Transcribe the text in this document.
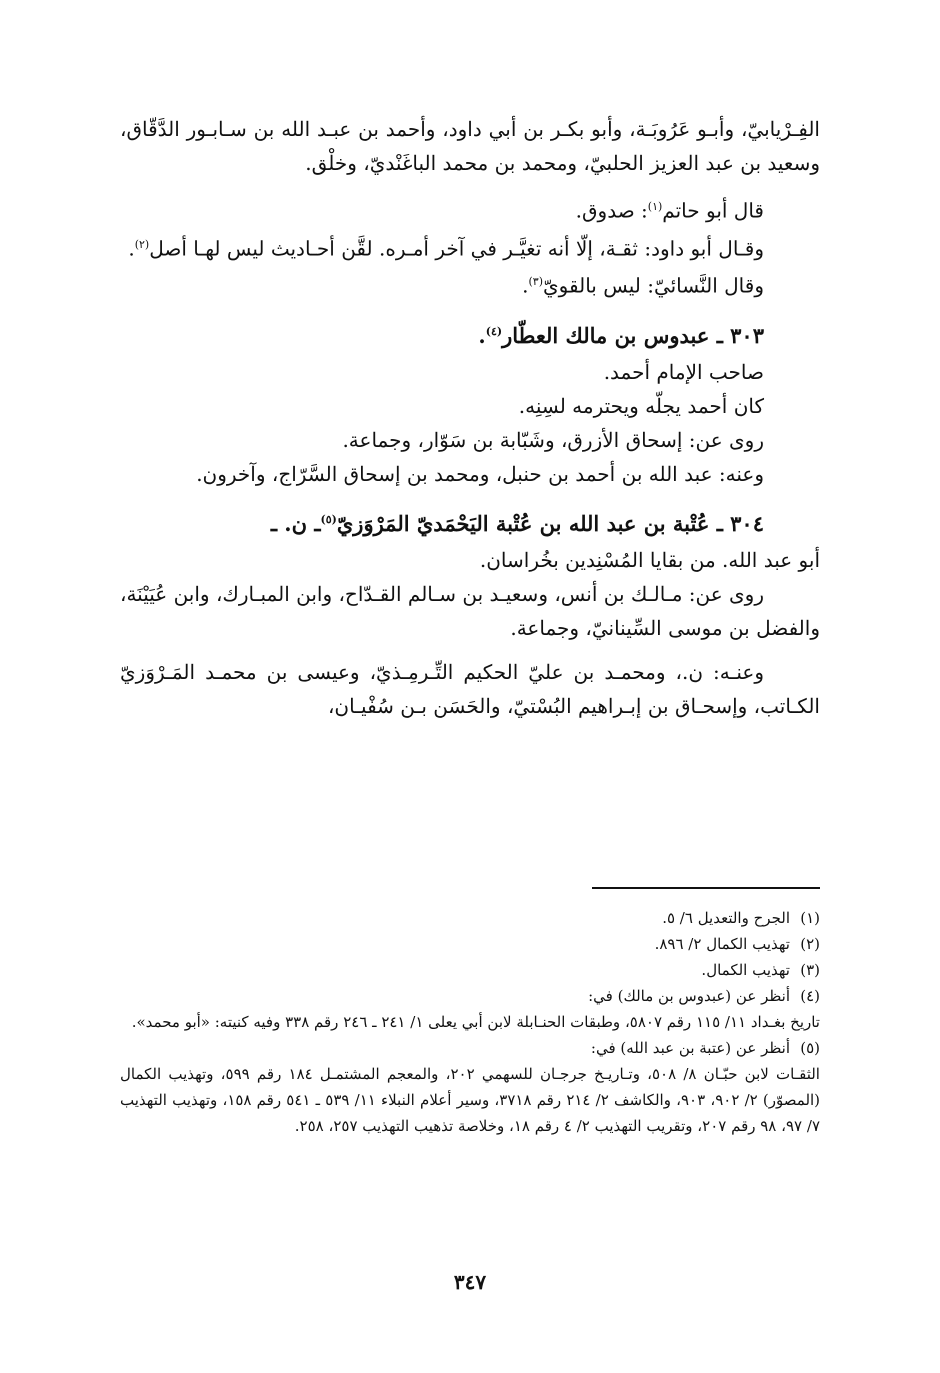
الفِـرْيابيّ، وأبـو عَرُوبَـة، وأبو بكـر بن أبي داود، وأحمد بن عبـد الله بن سـابـور الدَّقّاق، وسعيد بن عبد العزيز الحلبيّ، ومحمد بن محمد الباغَنْديّ، وخلْق.

قال أبو حاتم$^{(١)}$: صدوق.

وقـال أبو داود: ثقـة، إلّا أنه تغيَّـر في آخر أمـره. لقَّن أحـاديث ليس لهـا أصل$^{(٢)}$.

وقال النَّسائيّ: ليس بالقويّ$^{(٣)}$.

٣٠٣ ـ عبدوس بن مالك العطّار$^{(٤)}$.

صاحب الإمام أحمد.

كان أحمد يجلّه ويحترمه لسِنِه.

روى عن: إسحاق الأزرق، وشَبّابة بن سَوّار، وجماعة.

وعنه: عبد الله بن أحمد بن حنبل، ومحمد بن إسحاق السَّرّاج، وآخرون.

٣٠٤ ـ عُتْبة بن عبد الله بن عُتْبة اليَحْمَديّ المَرْوَزيّ$^{(٥)}$ـ ن. ـ

أبو عبد الله. من بقايا المُسْنِدين بخُراسان.

روى عن: مـالـك بن أنس، وسعيـد بن سـالم القـدّاح، وابن المبـارك، وابن عُيَيْنَة، والفضل بن موسى السِّينانيّ، وجماعة.

وعنـه: ن.، ومحمـد بن عليّ الحكيم التِّـرمِـذيّ، وعيسى بن محمـد المَـرْوَزيّ الكـاتب، وإسحـاق بن إبـراهيم البُسْتيّ، والحَسَن بـن سُفْيـان،

(١)الجرح والتعديل ٦/ ٥.

(٢)تهذيب الكمال ٢/ ٨٩٦.

(٣)تهذيب الكمال.

(٤)أنظر عن (عبدوس بن مالك) في:

تاريخ بغـداد ١١/ ١١٥ رقم ٥٨٠٧، وطبقات الحنـابلة لابن أبي يعلى ١/ ٢٤١ ـ ٢٤٦ رقم ٣٣٨ وفيه كنيته: «أبو محمد».

(٥)أنظر عن (عتبة بن عبد الله) في:

الثقـات لابن حبّـان ٨/ ٥٠٨، وتـاريـخ جرجـان للسهمي ٢٠٢، والمعجم المشتمـل ١٨٤ رقم ٥٩٩، وتهذيب الكمال (المصوّر) ٢/ ٩٠٢، ٩٠٣، والكاشف ٢/ ٢١٤ رقم ٣٧١٨، وسير أعلام النبلاء ١١/ ٥٣٩ ـ ٥٤١ رقم ١٥٨، وتهذيب التهذيب ٧/ ٩٧، ٩٨ رقم ٢٠٧، وتقريب التهذيب ٢/ ٤ رقم ١٨، وخلاصة تذهيب التهذيب ٢٥٧، ٢٥٨.

٣٤٧
